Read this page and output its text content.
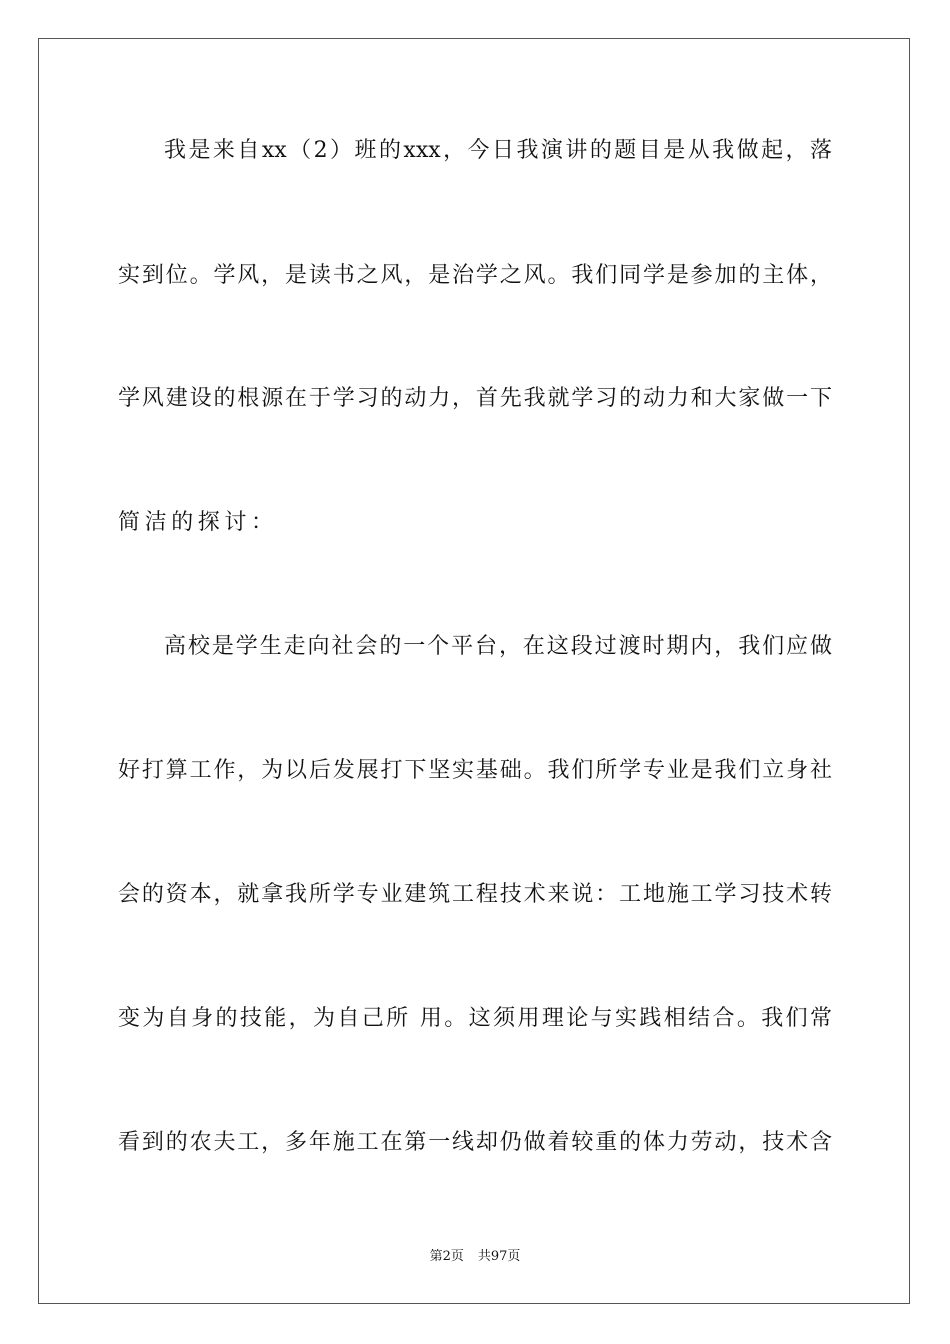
我是来自xx（2）班的xxx，今日我演讲的题目是从我做起，落
实到位。学风，是读书之风，是治学之风。我们同学是参加的主体，
学风建设的根源在于学习的动力，首先我就学习的动力和大家做一下
简洁的探讨：
高校是学生走向社会的一个平台，在这段过渡时期内，我们应做
好打算工作，为以后发展打下坚实基础。我们所学专业是我们立身社
会的资本，就拿我所学专业建筑工程技术来说：工地施工学习技术转
变为自身的技能，为自己所 用。这须用理论与实践相结合。我们常
看到的农夫工，多年施工在第一线却仍做着较重的体力劳动，技术含
第2页 共97页
